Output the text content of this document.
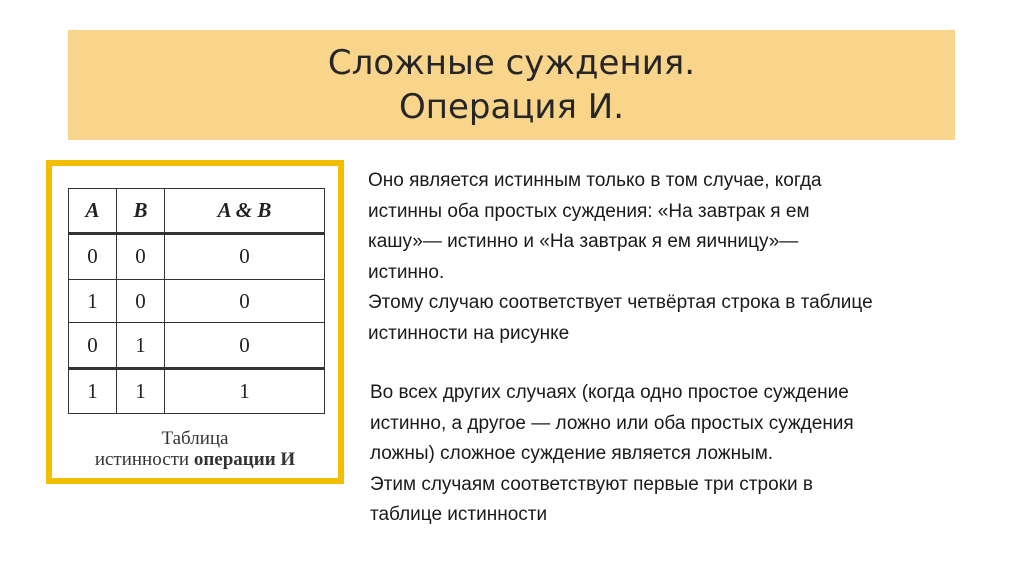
Сложные суждения.
Операция И.
A	B	A & B
0	0	0
1	0	0
0	1	0
1	1	1
Таблица
истинности операции И

Оно является истинным только в том случае, когда

истинны оба простых суждения: «На завтрак я ем

кашу»— истинно и «На завтрак я ем яичницу»—

истинно.

Этому случаю соответствует четвёртая строка в таблице

истинности на рисунке

Во всех других случаях (когда одно простое суждение

истинно, а другое — ложно или оба простых суждения

ложны) сложное суждение является ложным.

Этим случаям соответствуют первые три строки в

таблице истинности
